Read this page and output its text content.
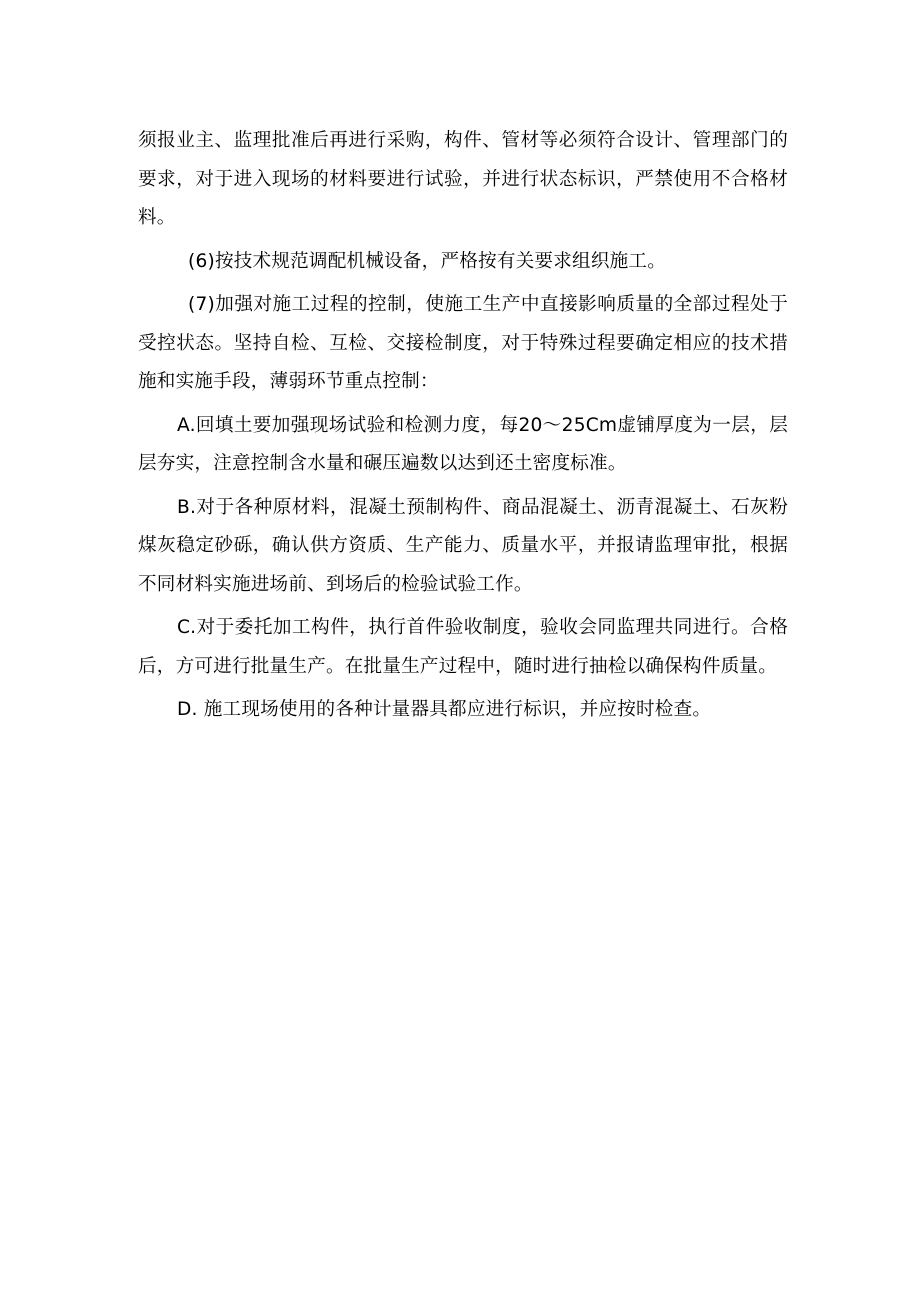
须报业主、监理批准后再进行采购，构件、管材等必须符合设计、管理部门的要求，对于进入现场的材料要进行试验，并进行状态标识，严禁使用不合格材料。

(6)按技术规范调配机械设备，严格按有关要求组织施工。

(7)加强对施工过程的控制，使施工生产中直接影响质量的全部过程处于受控状态。坚持自检、互检、交接检制度，对于特殊过程要确定相应的技术措施和实施手段，薄弱环节重点控制：

A.回填土要加强现场试验和检测力度，每20～25Cm虚铺厚度为一层，层层夯实，注意控制含水量和碾压遍数以达到还土密度标准。

B.对于各种原材料，混凝土预制构件、商品混凝土、沥青混凝土、石灰粉煤灰稳定砂砾，确认供方资质、生产能力、质量水平，并报请监理审批，根据不同材料实施进场前、到场后的检验试验工作。

C.对于委托加工构件，执行首件验收制度，验收会同监理共同进行。合格后，方可进行批量生产。在批量生产过程中，随时进行抽检以确保构件质量。

D. 施工现场使用的各种计量器具都应进行标识，并应按时检查。
